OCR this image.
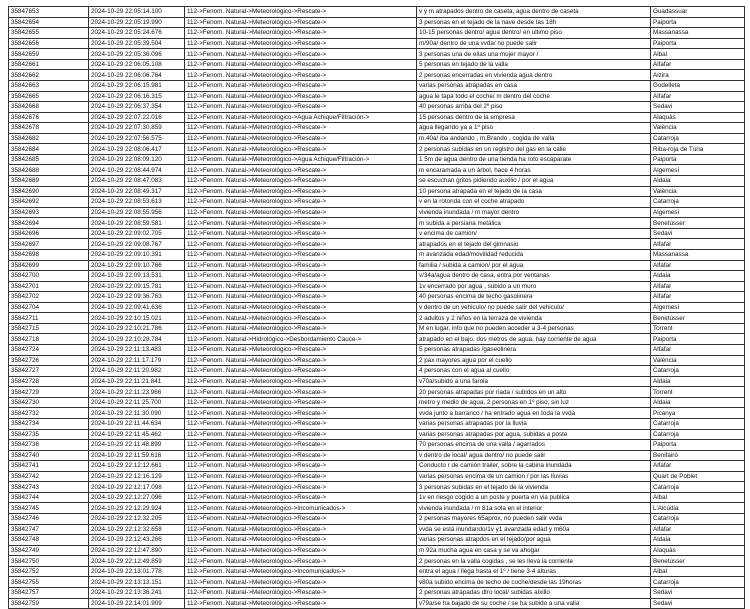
35847653	2024-10-29 22:05:14.100	112->Fenom. Natural->Meteorológico->Rescate->	v y m atrapados dentro de caseta, agua dentro de caseta	Guadassuar
35842654	2024-10-29 22:05:19.990	112->Fenom. Natural->Meteorológico->Rescate->	3 personas en el tejado de la nave desde las 18h	Paiporta
35842655	2024-10-29 22:05:24.676	112->Fenom. Natural->Meteorológico->Rescate->	10-15 personas dentro/ agua dentro/ en ultimo piso	Massanassa
35842656	2024-10-29 22:05:39.504	112->Fenom. Natural->Meteorológico->Rescate->	m/90a/ dentro de una vvda/ no puede salir	Paiporta
35842659	2024-10-29 22:05:36.096	112->Fenom. Natural->Meteorológico->Rescate->	3 personas una de ellas una mujer mayor /	Albal
35842661	2024-10-29 22:06:05.108	112->Fenom. Natural->Meteorológico->Rescate->	5 personas en tejado de la valla	Alfafar
35842662	2024-10-29 22:06:06.764	112->Fenom. Natural->Meteorológico->Rescate->	2 personas encerradas en vivienda agua dentro	Alzira
35842663	2024-10-29 22:06:15.981	112->Fenom. Natural->Meteorológico->Rescate->	varias personas atrapadas en casa	Godelleta
35842665	2024-10-29 22:06:16.315	112->Fenom. Natural->Meteorológico->Rescate->	agua le tapa todo el coche/ m dentro del coche	Alfafar
35842668	2024-10-29 22:06:37.354	112->Fenom. Natural->Meteorológico->Rescate->	40 personas arriba del 2º piso	Sedavi
35842676	2024-10-29 22:07:22.016	112->Fenom. Natural->Meteorológico->Agua Achique/Filtración->	15 personas dentro de la empresa	Alaquàs
35842678	2024-10-29 22:07:30.859	112->Fenom. Natural->Meteorológico->Rescate->	agua llegando ya a 1º piso	València
35842682	2024-10-29 22:07:56.575	112->Fenom. Natural->Meteorológico->Rescate->	m.40a/ iba andando , m.Brando , cogida de valla	Catarroja
35842684	2024-10-29 22:08:06.417	112->Fenom. Natural->Meteorológico->Rescate->	2 personas subidas en un registro del gas en la calle	Riba-roja de Túria
35842685	2024-10-29 22:08:09.120	112->Fenom. Natural->Meteorológico->Agua Achique/Filtración->	1 5m de agua dentro de una tienda ha roto escaparate	Paiporta
35842688	2024-10-29 22:08:44.974	112->Fenom. Natural->Meteorológico->Rescate->	m encaramada a un árbol, hace 4 horas	Algemesí
35842689	2024-10-29 22:08:47.083	112->Fenom. Natural->Meteorológico->Rescate->	se escuchan gritos pidiendo auxilio / por el agua	Aldaia
35842690	2024-10-29 22:08:49.317	112->Fenom. Natural->Meteorológico->Rescate->	10 persona atrapada en el tejado de la casa	València
35842692	2024-10-29 22:08:53.613	112->Fenom. Natural->Meteorológico->Rescate->	v en la rotonda con el coche atrapado	Catarroja
35842693	2024-10-29 22:08:55.956	112->Fenom. Natural->Meteorológico->Rescate->	vivienda inundada / m mayor dentro	Algemesí
35842694	2024-10-29 22:08:59.581	112->Fenom. Natural->Meteorológico->Rescate->	m subida a persiana metálica	Benetússer
35842696	2024-10-29 22:09:02.705	112->Fenom. Natural->Meteorológico->Rescate->	v encima de camión/	Sedavi
35842697	2024-10-29 22:09:08.767	112->Fenom. Natural->Meteorológico->Rescate->	atrapados en el tejado del gimnasio	Alfafar
35842698	2024-10-29 22:09:10.391	112->Fenom. Natural->Meteorológico->Rescate->	m avanzada edad/movilidad reducida	Massanassa
35842699	2024-10-29 22:09:10.766	112->Fenom. Natural->Meteorológico->Rescate->	familia / subida a camion/ por el agua	Alfafar
35842700	2024-10-29 22:09:13.531	112->Fenom. Natural->Meteorológico->Rescate->	v/34a/agua dentro de casa, entra por ventanas	Aldaia
35842701	2024-10-29 22:09:15.781	112->Fenom. Natural->Meteorológico->Rescate->	1v encerrado por agua , subido a un muro	Alfafar
35842702	2024-10-29 22:09:36.763	112->Fenom. Natural->Meteorológico->Rescate->	40 personas encima de techo gasolinera	Alfafar
35842704	2024-10-29 22:09:41.636	112->Fenom. Natural->Meteorológico->Rescate->	v dentro de un vehiculo/ no puede salir del vehiculo/	Algemesí
35842711	2024-10-29 22:10:15.021	112->Fenom. Natural->Meteorológico->Rescate->	2 adultos y 2 niños en la terraza de vivienda	Benetússer
35842715	2024-10-29 22:10:21.786	112->Fenom. Natural->Meteorológico->Rescate->	M en lugar, info que no pueden acceder a 3-4 personas	Torrent
35842718	2024-10-29 22:10:28.784	112->Fenom. Natural->Hidrológico->Desbordamiento Cauce->	atrapado en el bajo. dos metros de agua. hay corriente de agua	Paiporta
35842724	2024-10-29 22:11:13.483	112->Fenom. Natural->Meteorológico->Rescate->	5 personas atrapadas /gaseolinera	Alfafar
35842726	2024-10-29 22:11:17.179	112->Fenom. Natural->Meteorológico->Rescate->	2 pax mayores agua por el cuello	València
35842727	2024-10-29 22:11:20.982	112->Fenom. Natural->Meteorológico->Rescate->	4 personas con el agua al cuello	Catarroja
35842728	2024-10-29 22:11:21.841	112->Fenom. Natural->Meteorológico->Rescate->	v70a/subido a una farola	Aldaia
35842729	2024-10-29 22:11:23.966	112->Fenom. Natural->Meteorológico->Rescate->	20 personas atrapadas por riada / subidos en un alto	Torrent
35842730	2024-10-29 22:11:25.700	112->Fenom. Natural->Meteorológico->Rescate->	metro y medio de agua, 2 personas en 1º piso, sin luz	Aldaia
35842732	2024-10-29 22:11:30.090	112->Fenom. Natural->Meteorológico->Rescate->	vvda junto a barranco / ha entrado agua en toda la vvda	Picanya
35842734	2024-10-29 22:11:44.634	112->Fenom. Natural->Meteorológico->Rescate->	varias personas atrapadas por la lluvia	Catarroja
35842735	2024-10-29 22:11:45.462	112->Fenom. Natural->Meteorológico->Rescate->	varias personas atrapadas por agua, subidas a poste	Catarroja
35842736	2024-10-29 22:11:48.899	112->Fenom. Natural->Meteorológico->Rescate->	70 personas encima de una valla / agarrados	Paiporta
35842740	2024-10-29 22:11:59.616	112->Fenom. Natural->Meteorológico->Rescate->	v dentro de local/ agua dentro/ no puede salir	Benifairó
35842741	2024-10-29 22:12:12.661	112->Fenom. Natural->Meteorológico->Rescate->	Conducto r de camión trailer, sobre la cabina inundada	Alfafar
35842742	2024-10-29 22:12:16.129	112->Fenom. Natural->Meteorológico->Rescate->	varias personas encima de un camion / por las lluvias	Quart de Poblet
35842743	2024-10-29 22:12:17.098	112->Fenom. Natural->Meteorológico->Rescate->	3 personas subidas en el tejado de la vivienda	Catarroja
35842744	2024-10-29 22:12:27.096	112->Fenom. Natural->Meteorológico->Rescate->	1v en riesgo cogido a un poste y puerta en via publica	Albal
35842745	2024-10-29 22:12:29.924	112->Fenom. Natural->Meteorológico->Incomunicados->	vivienda inundada / m 81a sola en el interior	L'Alcúdia
35842746	2024-10-29 22:12:32.205	112->Fenom. Natural->Meteorológico->Rescate->	2 personas mayores 65aprox, no pueden salir vvda	Catarroja
35842747	2024-10-29 22:12:32.658	112->Fenom. Natural->Meteorológico->Rescate->	vvda se está inundando/1v y1 avanzada edad y m60a	Alfafar
35842748	2024-10-29 22:12:43.266	112->Fenom. Natural->Meteorológico->Rescate->	varias personas atrapdos en el tejado/por agua	Aldaia
35842749	2024-10-29 22:12:47.890	112->Fenom. Natural->Meteorológico->Rescate->	m 92a mucha agua en casa y se va ahogar	Alaquàs
35842750	2024-10-29 22:12:49.859	112->Fenom. Natural->Meteorológico->Rescate->	2 personas en la valla cogidas , se les lleva la corriente	Benetússer
35842752	2024-10-29 22:13:01.778	112->Fenom. Natural->Meteorológico->Incomunicados->	entra el agua / llega hasta el 1º / tiene 3-4 alturas	Albal
35842755	2024-10-29 22:13:13.151	112->Fenom. Natural->Meteorológico->Rescate->	v80a subido encima de techo de coche/desde las 19horas	Catarroja
35842757	2024-10-29 22:13:36.241	112->Fenom. Natural->Meteorológico->Rescate->	2 personas atrapadas dtro local/ subidas alxillo	Sedavi
35842759	2024-10-29 22:14:01.909	112->Fenom. Natural->Meteorológico->Rescate->	v79a/se ha bajado de su coche / se ha subido a una valla	Sedavi
